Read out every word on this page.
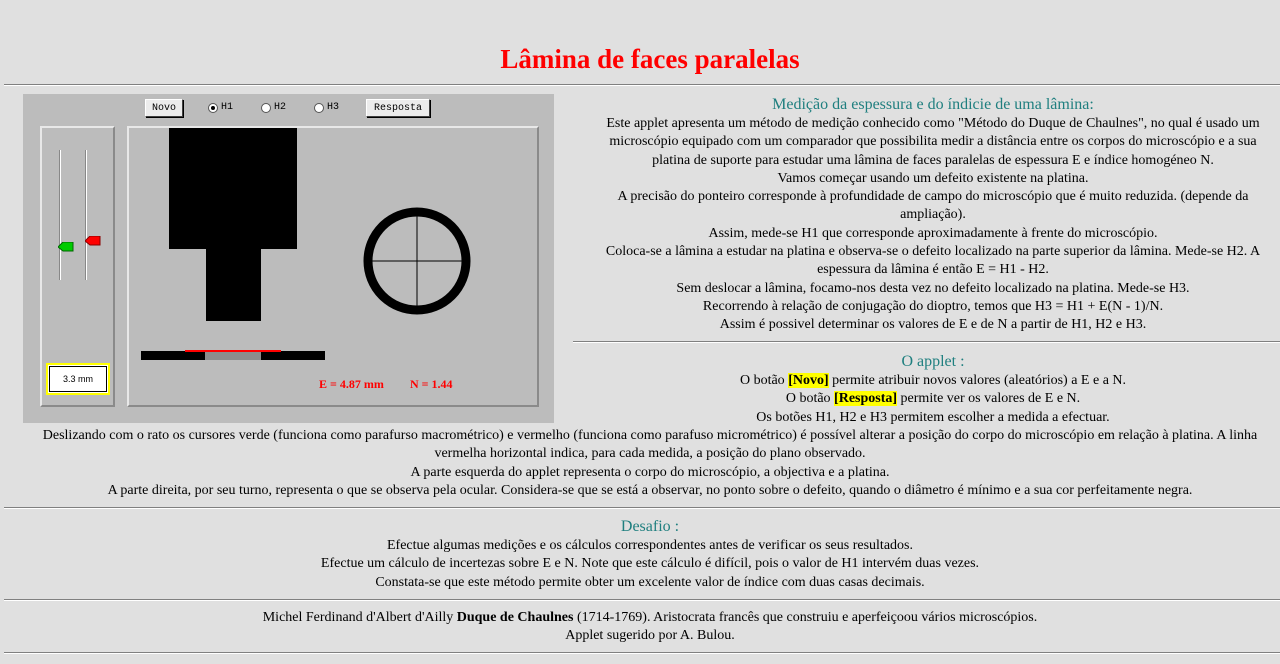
Lâmina de faces paralelas
Novo	H1	H2	H3	Resposta
3.3 mm	E = 4.87 mm N = 1.44
Medição da espessura e do índicie de uma lâmina:
Este applet apresenta um método de medição conhecido como "Método do Duque de Chaulnes", no qual é usado um
microscópio equipado com um comparador que possibilita medir a distância entre os corpos do microscópio e a sua
platina de suporte para estudar uma lâmina de faces paralelas de espessura E e índice homogéneo N.
Vamos começar usando um defeito existente na platina.
A precisão do ponteiro corresponde à profundidade de campo do microscópio que é muito reduzida. (depende da
ampliação).
Assim, mede-se H1 que corresponde aproximadamente à frente do microscópio.
Coloca-se a lâmina a estudar na platina e observa-se o defeito localizado na parte superior da lâmina. Mede-se H2. A
espessura da lâmina é então E = H1 - H2.
Sem deslocar a lâmina, focamo-nos desta vez no defeito localizado na platina. Mede-se H3.
Recorrendo à relação de conjugação do dioptro, temos que H3 = H1 + E(N - 1)/N.
Assim é possivel determinar os valores de E e de N a partir de H1, H2 e H3.
O applet :
O botão [Novo] permite atribuir novos valores (aleatórios) a E e a N.
O botão [Resposta] permite ver os valores de E e N.
Os botões H1, H2 e H3 permitem escolher a medida a efectuar.
Deslizando com o rato os cursores verde (funciona como parafurso macrométrico) e vermelho (funciona como parafuso micrométrico) é possível alterar a posição do corpo do microscópio em relação à platina. A linha
vermelha horizontal indica, para cada medida, a posição do plano observado.
A parte esquerda do applet representa o corpo do microscópio, a objectiva e a platina.
A parte direita, por seu turno, representa o que se observa pela ocular. Considera-se que se está a observar, no ponto sobre o defeito, quando o diâmetro é mínimo e a sua cor perfeitamente negra.
Desafio :
Efectue algumas medições e os cálculos correspondentes antes de verificar os seus resultados.
Efectue um cálculo de incertezas sobre E e N. Note que este cálculo é difícil, pois o valor de H1 intervém duas vezes.
Constata-se que este método permite obter um excelente valor de índice com duas casas decimais.
Michel Ferdinand d'Albert d'Ailly Duque de Chaulnes (1714-1769). Aristocrata francês que construiu e aperfeiçoou vários microscópios.
Applet sugerido por A. Bulou.
